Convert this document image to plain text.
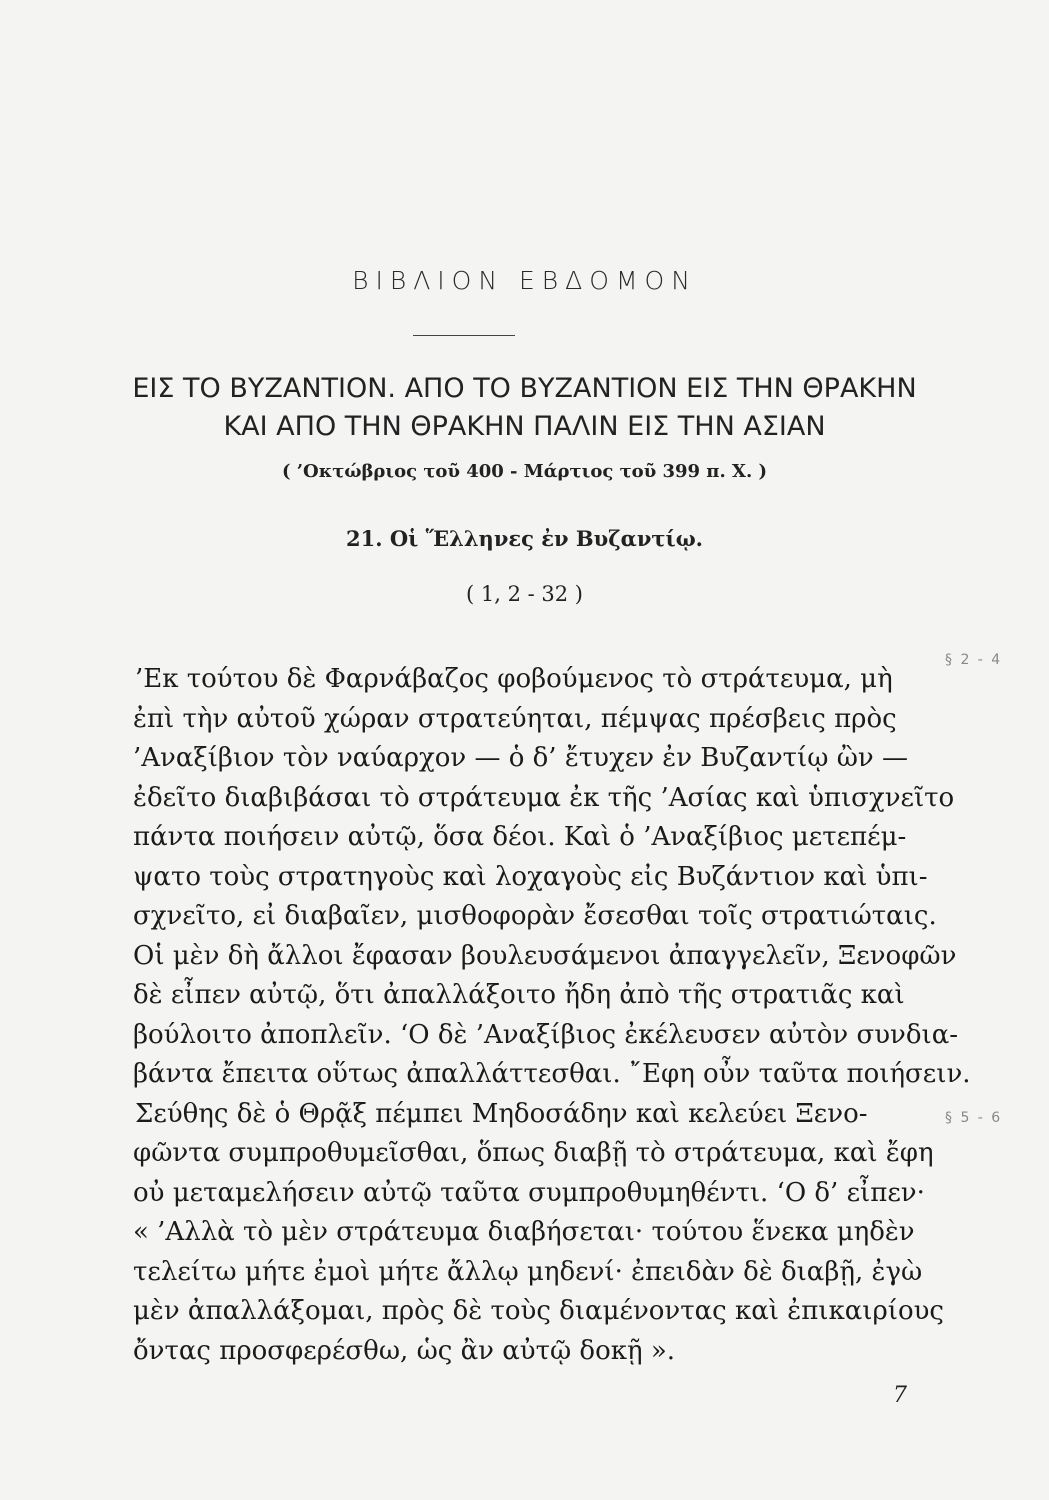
ΒΙΒΛΙΟΝ ΕΒΔΟΜΟΝ
ΕΙΣ ΤΟ ΒΥΖΑΝΤΙΟΝ. ΑΠΟ ΤΟ ΒΥΖΑΝΤΙΟΝ ΕΙΣ ΤΗΝ ΘΡΑΚΗΝ
ΚΑΙ ΑΠΟ ΤΗΝ ΘΡΑΚΗΝ ΠΑΛΙΝ ΕΙΣ ΤΗΝ ΑΣΙΑΝ
( ’Οκτώβριος τοῦ 400 - Μάρτιος τοῦ 399 π. Χ. )
21. Οἱ Ἕλληνες ἐν Βυζαντίῳ.
( 1, 2 - 32 )
’Εκ τούτου δὲ Φαρνάβαζος φοβούμενος τὸ στράτευμα, μὴ
ἐπὶ τὴν αὐτοῦ χώραν στρατεύηται, πέμψας πρέσβεις πρὸς
’Αναξίβιον τὸν ναύαρχον — ὁ δ’ ἔτυχεν ἐν Βυζαντίῳ ὢν —
ἐδεῖτο διαβιβάσαι τὸ στράτευμα ἐκ τῆς ’Ασίας καὶ ὑπισχνεῖτο
πάντα ποιήσειν αὐτῷ, ὅσα δέοι. Καὶ ὁ ’Αναξίβιος μετεπέμ-
ψατο τοὺς στρατηγοὺς καὶ λοχαγοὺς εἰς Βυζάντιον καὶ ὑπι-
σχνεῖτο, εἰ διαβαῖεν, μισθοφορὰν ἔσεσθαι τοῖς στρατιώταις.
Οἱ μὲν δὴ ἄλλοι ἔφασαν βουλευσάμενοι ἀπαγγελεῖν, Ξενοφῶν
δὲ εἶπεν αὐτῷ, ὅτι ἀπαλλάξοιτο ἤδη ἀπὸ τῆς στρατιᾶς καὶ
βούλοιτο ἀποπλεῖν. ‘Ο δὲ ’Αναξίβιος ἐκέλευσεν αὐτὸν συνδια-
βάντα ἔπειτα οὕτως ἀπαλλάττεσθαι. ῎Εφη οὖν ταῦτα ποιήσειν.
Σεύθης δὲ ὁ Θρᾷξ πέμπει Μηδοσάδην καὶ κελεύει Ξενο-
φῶντα συμπροθυμεῖσθαι, ὅπως διαβῇ τὸ στράτευμα, καὶ ἔφη
οὐ μεταμελήσειν αὐτῷ ταῦτα συμπροθυμηθέντι. ‘Ο δ’ εἶπεν·
« ’Αλλὰ τὸ μὲν στράτευμα διαβήσεται· τούτου ἕνεκα μηδὲν
τελείτω μήτε ἐμοὶ μήτε ἄλλῳ μηδενί· ἐπειδὰν δὲ διαβῇ, ἐγὼ
μὲν ἀπαλλάξομαι, πρὸς δὲ τοὺς διαμένοντας καὶ ἐπικαιρίους
ὄντας προσφερέσθω, ὡς ἂν αὐτῷ δοκῇ ».
§ 2 - 4
§ 5 - 6
7
